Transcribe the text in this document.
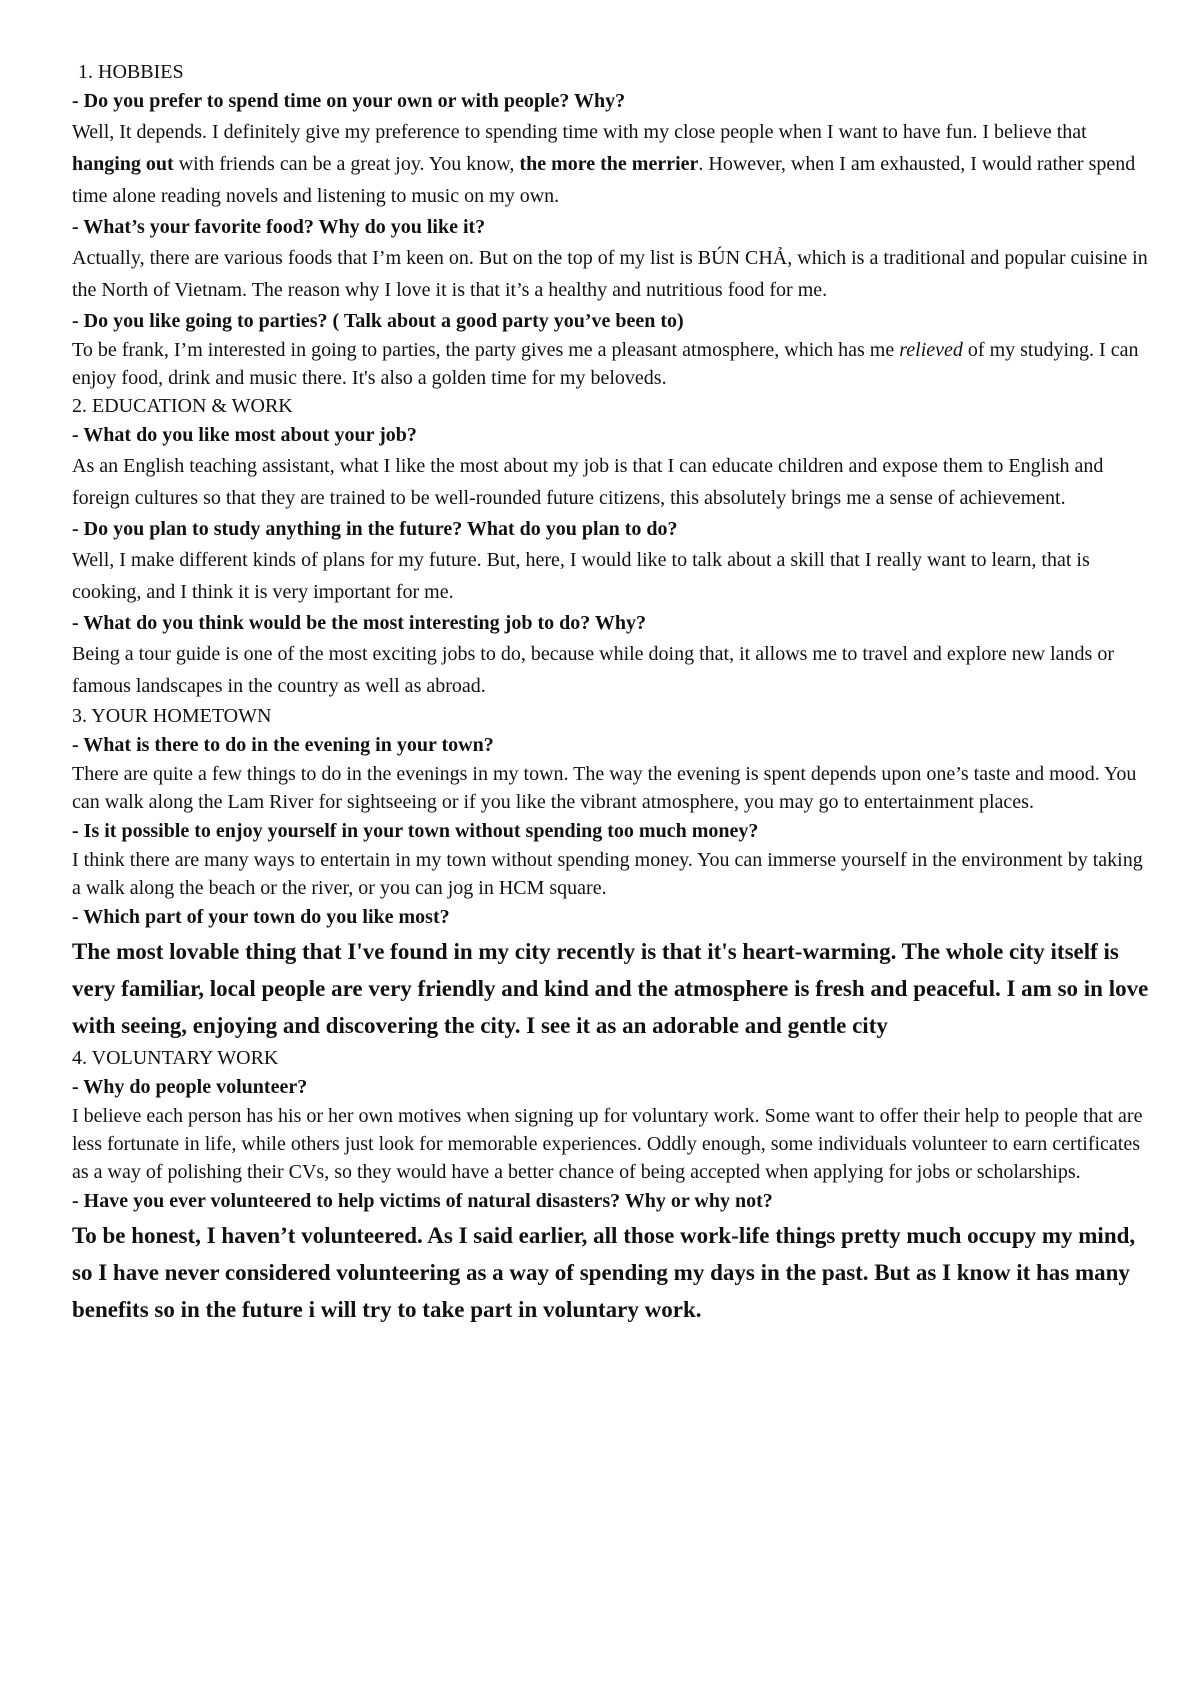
1. HOBBIES
- Do you prefer to spend time on your own or with people? Why?
Well, It depends. I definitely give my preference to spending time with my close people when I want to have fun. I believe that hanging out with friends can be a great joy. You know, the more the merrier. However, when I am exhausted, I would rather spend time alone reading novels and listening to music on my own.
- What’s your favorite food? Why do you like it?
Actually, there are various foods that I’m keen on. But on the top of my list is BÚN CHẢ, which is a traditional and popular cuisine in the North of Vietnam. The reason why I love it is that it’s a healthy and nutritious food for me.
- Do you like going to parties? ( Talk about a good party you’ve been to)
To be frank, I’m interested in going to parties, the party gives me a pleasant atmosphere, which has me relieved of my studying. I can enjoy food, drink and music there. It's also a golden time for my beloveds.
2. EDUCATION & WORK
- What do you like most about your job?
As an English teaching assistant, what I like the most about my job is that I can educate children and expose them to English and foreign cultures so that they are trained to be well-rounded future citizens, this absolutely brings me a sense of achievement.
- Do you plan to study anything in the future? What do you plan to do?
Well, I make different kinds of plans for my future. But, here, I would like to talk about a skill that I really want to learn, that is cooking, and I think it is very important for me.
- What do you think would be the most interesting job to do? Why?
Being a tour guide is one of the most exciting jobs to do, because while doing that, it allows me to travel and explore new lands or famous landscapes in the country as well as abroad.
3. YOUR HOMETOWN
- What is there to do in the evening in your town?
There are quite a few things to do in the evenings in my town. The way the evening is spent depends upon one’s taste and mood. You can walk along the Lam River for sightseeing or if you like the vibrant atmosphere, you may go to entertainment places.
- Is it possible to enjoy yourself in your town without spending too much money?
I think there are many ways to entertain in my town without spending money. You can immerse yourself in the environment by taking a walk along the beach or the river, or you can jog in HCM square.
- Which part of your town do you like most?
The most lovable thing that I've found in my city recently is that it's heart-warming. The whole city itself is very familiar, local people are very friendly and kind and the atmosphere is fresh and peaceful. I am so in love with seeing, enjoying and discovering the city. I see it as an adorable and gentle city
4. VOLUNTARY WORK
- Why do people volunteer?
I believe each person has his or her own motives when signing up for voluntary work. Some want to offer their help to people that are less fortunate in life, while others just look for memorable experiences. Oddly enough, some individuals volunteer to earn certificates as a way of polishing their CVs, so they would have a better chance of being accepted when applying for jobs or scholarships.
- Have you ever volunteered to help victims of natural disasters? Why or why not?
To be honest, I haven’t volunteered. As I said earlier, all those work-life things pretty much occupy my mind, so I have never considered volunteering as a way of spending my days in the past. But as I know it has many benefits so in the future i will try to take part in voluntary work.
